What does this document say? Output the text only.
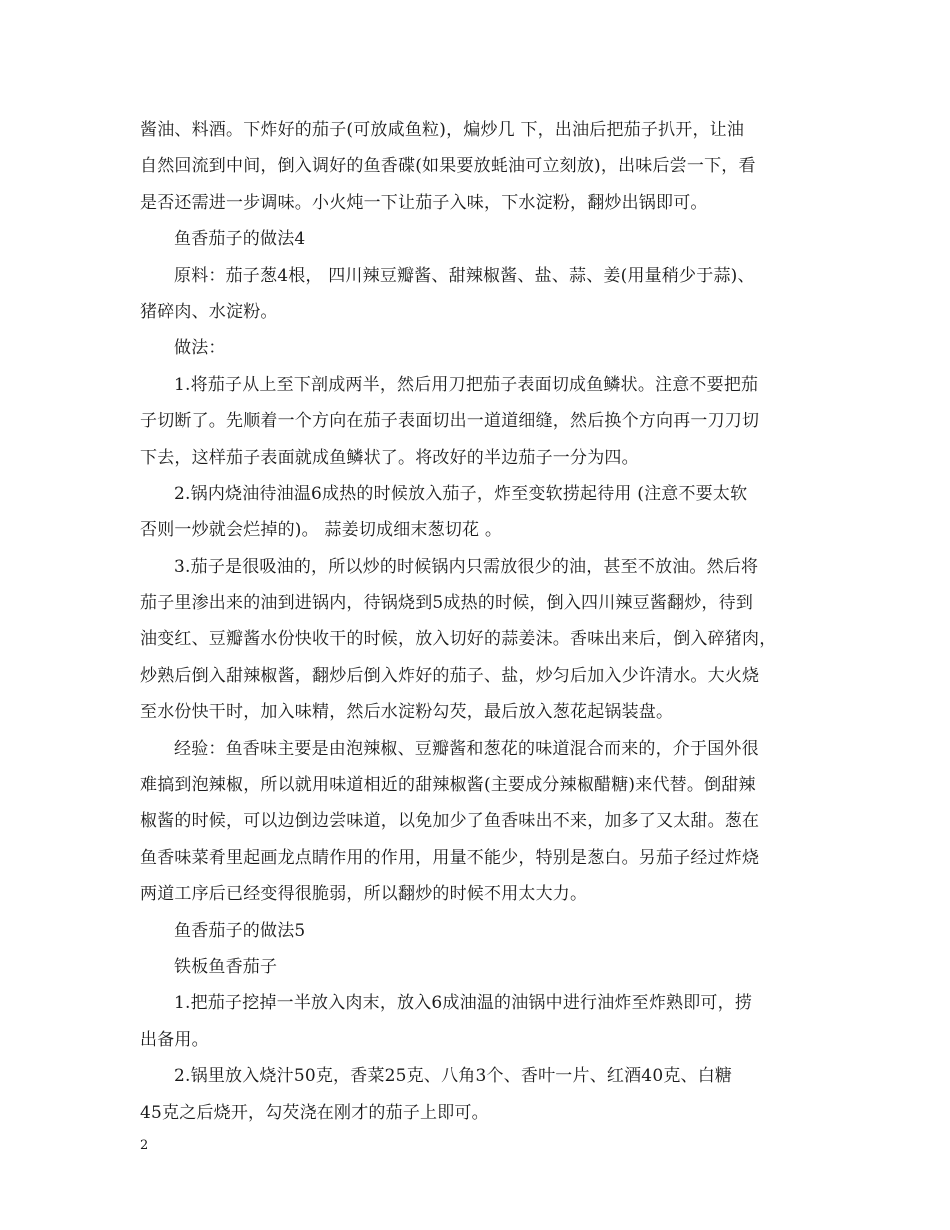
酱油、料酒。下炸好的茄子(可放咸鱼粒)，煸炒几 下，出油后把茄子扒开，让油
自然回流到中间，倒入调好的鱼香碟(如果要放蚝油可立刻放)，出味后尝一下，看
是否还需进一步调味。小火炖一下让茄子入味，下水淀粉，翻炒出锅即可。
鱼香茄子的做法4
原料：茄子葱4根， 四川辣豆瓣酱、甜辣椒酱、盐、蒜、姜(用量稍少于蒜)、
猪碎肉、水淀粉。
做法：
1.将茄子从上至下剖成两半，然后用刀把茄子表面切成鱼鳞状。注意不要把茄
子切断了。先顺着一个方向在茄子表面切出一道道细缝，然后换个方向再一刀刀切
下去，这样茄子表面就成鱼鳞状了。将改好的半边茄子一分为四。
2.锅内烧油待油温6成热的时候放入茄子，炸至变软捞起待用 (注意不要太软
否则一炒就会烂掉的)。 蒜姜切成细末葱切花 。
3.茄子是很吸油的，所以炒的时候锅内只需放很少的油，甚至不放油。然后将
茄子里渗出来的油到进锅内，待锅烧到5成热的时候，倒入四川辣豆酱翻炒，待到
油变红、豆瓣酱水份快收干的时候，放入切好的蒜姜沫。香味出来后，倒入碎猪肉，
炒熟后倒入甜辣椒酱，翻炒后倒入炸好的茄子、盐，炒匀后加入少许清水。大火烧
至水份快干时，加入味精，然后水淀粉勾芡，最后放入葱花起锅装盘。
经验：鱼香味主要是由泡辣椒、豆瓣酱和葱花的味道混合而来的，介于国外很
难搞到泡辣椒，所以就用味道相近的甜辣椒酱(主要成分辣椒醋糖)来代替。倒甜辣
椒酱的时候，可以边倒边尝味道，以免加少了鱼香味出不来，加多了又太甜。葱在
鱼香味菜肴里起画龙点睛作用的作用，用量不能少，特别是葱白。另茄子经过炸烧
两道工序后已经变得很脆弱，所以翻炒的时候不用太大力。
鱼香茄子的做法5
铁板鱼香茄子
1.把茄子挖掉一半放入肉末，放入6成油温的油锅中进行油炸至炸熟即可，捞
出备用。
2.锅里放入烧汁50克，香菜25克、八角3个、香叶一片、红酒40克、白糖
45克之后烧开，勾芡浇在刚才的茄子上即可。
2
